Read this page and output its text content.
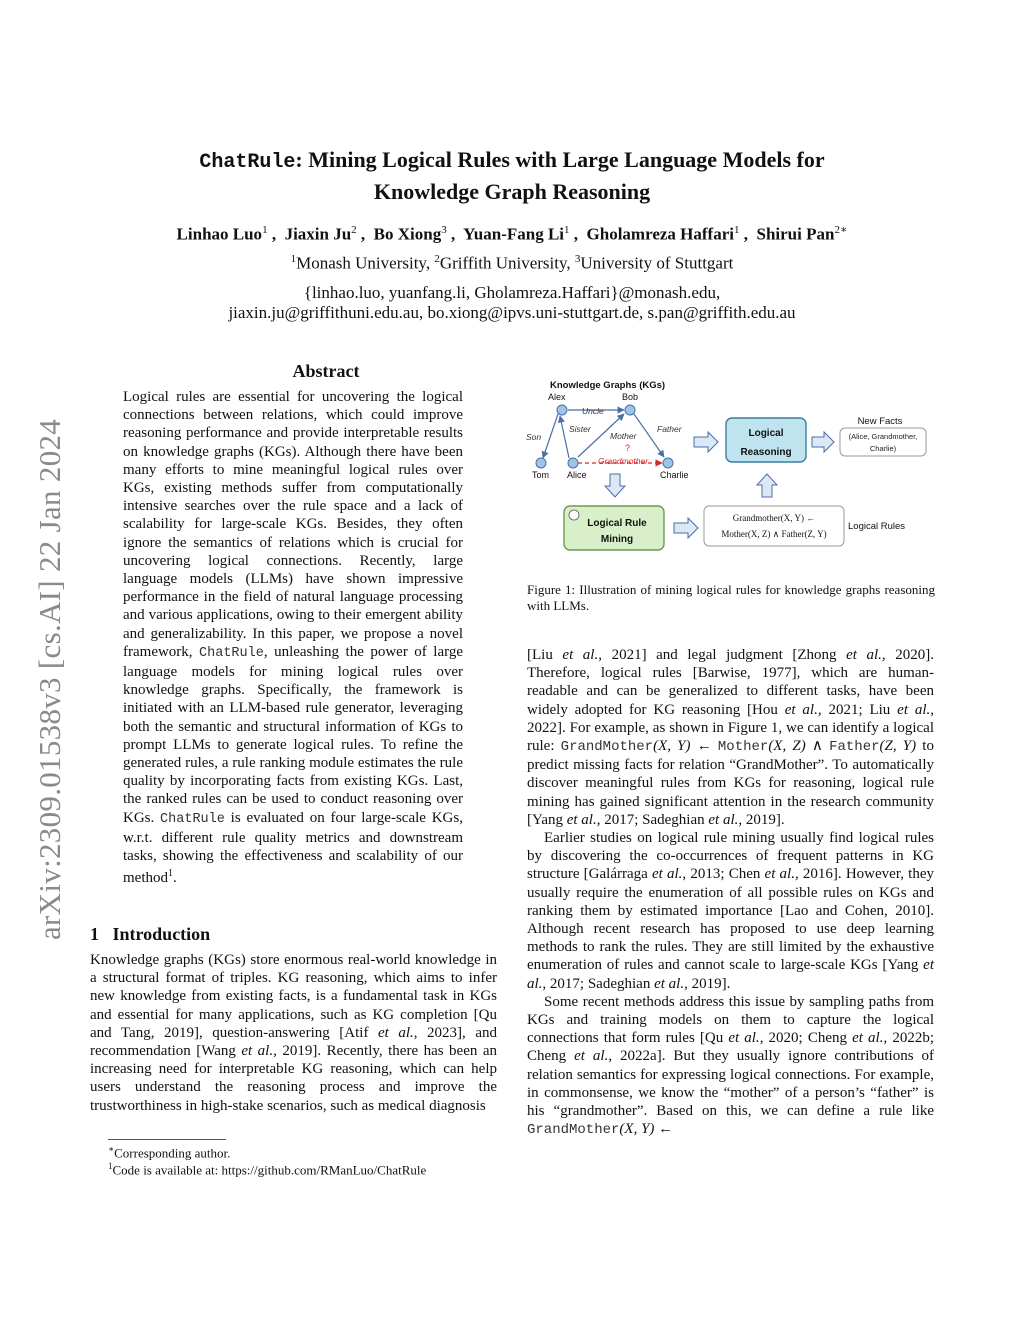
arXiv:2309.01538v3 [cs.AI] 22 Jan 2024
ChatRule: Mining Logical Rules with Large Language Models for
Knowledge Graph Reasoning
Linhao Luo$^1$ ,  Jiaxin Ju$^2$ ,  Bo Xiong$^3$ ,  Yuan-Fang Li$^1$ ,  Gholamreza Haffari$^1$ ,  Shirui Pan$^{2∗}$
$^1$Monash University, $^2$Griffith University, $^3$University of Stuttgart
{linhao.luo, yuanfang.li, Gholamreza.Haffari}@monash.edu,
jiaxin.ju@griffithuni.edu.au, bo.xiong@ipvs.uni-stuttgart.de, s.pan@griffith.edu.au
Abstract
Logical rules are essential for uncovering the logical connections between relations, which could improve reasoning performance and provide interpretable results on knowledge graphs (KGs). Although there have been many efforts to mine meaningful logical rules over KGs, existing methods suffer from computationally intensive searches over the rule space and a lack of scalability for large-scale KGs. Besides, they often ignore the semantics of relations which is crucial for uncovering logical connections. Recently, large language models (LLMs) have shown impressive performance in the field of natural language processing and various applications, owing to their emergent ability and generalizability. In this paper, we propose a novel framework, ChatRule, unleashing the power of large language models for mining logical rules over knowledge graphs. Specifically, the framework is initiated with an LLM-based rule generator, leveraging both the semantic and structural information of KGs to prompt LLMs to generate logical rules. To refine the generated rules, a rule ranking module estimates the rule quality by incorporating facts from existing KGs. Last, the ranked rules can be used to conduct reasoning over KGs. ChatRule is evaluated on four large-scale KGs, w.r.t. different rule quality metrics and downstream tasks, showing the effectiveness and scalability of our method$^1$.
1   Introduction
Knowledge graphs (KGs) store enormous real-world knowledge in a structural format of triples. KG reasoning, which aims to infer new knowledge from existing facts, is a fundamental task in KGs and essential for many applications, such as KG completion [Qu and Tang, 2019], question-answering [Atif et al., 2023], and recommendation [Wang et al., 2019]. Recently, there has been an increasing need for interpretable KG reasoning, which can help users understand the reasoning process and improve the trustworthiness in high-stake scenarios, such as medical diagnosis
∗Corresponding author.
$^1$Code is available at: https://github.com/RManLuo/ChatRule
Knowledge Graphs (KGs)
Alex	Bob
Tom Alice	Charlie
Son
Uncle
Sister
Mother
Father
?
Grandmother
Logical
Reasoning
New Facts
(Alice, Grandmother,
Charlie)
Logical Rule
Mining
Grandmother(X, Y) ←
Mother(X, Z) ∧ Father(Z, Y)
Logical Rules
Figure 1: Illustration of mining logical rules for knowledge graphs reasoning with LLMs.

[Liu et al., 2021] and legal judgment [Zhong et al., 2020]. Therefore, logical rules [Barwise, 1977], which are human-readable and can be generalized to different tasks, have been widely adopted for KG reasoning [Hou et al., 2021; Liu et al., 2022]. For example, as shown in Figure 1, we can identify a logical rule: GrandMother(X, Y) ← Mother(X, Z) ∧ Father(Z, Y) to predict missing facts for relation “GrandMother”. To automatically discover meaningful rules from KGs for reasoning, logical rule mining has gained significant attention in the research community [Yang et al., 2017; Sadeghian et al., 2019].

Earlier studies on logical rule mining usually find logical rules by discovering the co-occurrences of frequent patterns in KG structure [Galárraga et al., 2013; Chen et al., 2016]. However, they usually require the enumeration of all possible rules on KGs and ranking them by estimated importance [Lao and Cohen, 2010]. Although recent research has proposed to use deep learning methods to rank the rules. They are still limited by the exhaustive enumeration of rules and cannot scale to large-scale KGs [Yang et al., 2017; Sadeghian et al., 2019].

Some recent methods address this issue by sampling paths from KGs and training models on them to capture the logical connections that form rules [Qu et al., 2020; Cheng et al., 2022b; Cheng et al., 2022a]. But they usually ignore contributions of relation semantics for expressing logical connections. For example, in commonsense, we know the “mother” of a person’s “father” is his “grandmother”. Based on this, we can define a rule like GrandMother(X, Y) ←
